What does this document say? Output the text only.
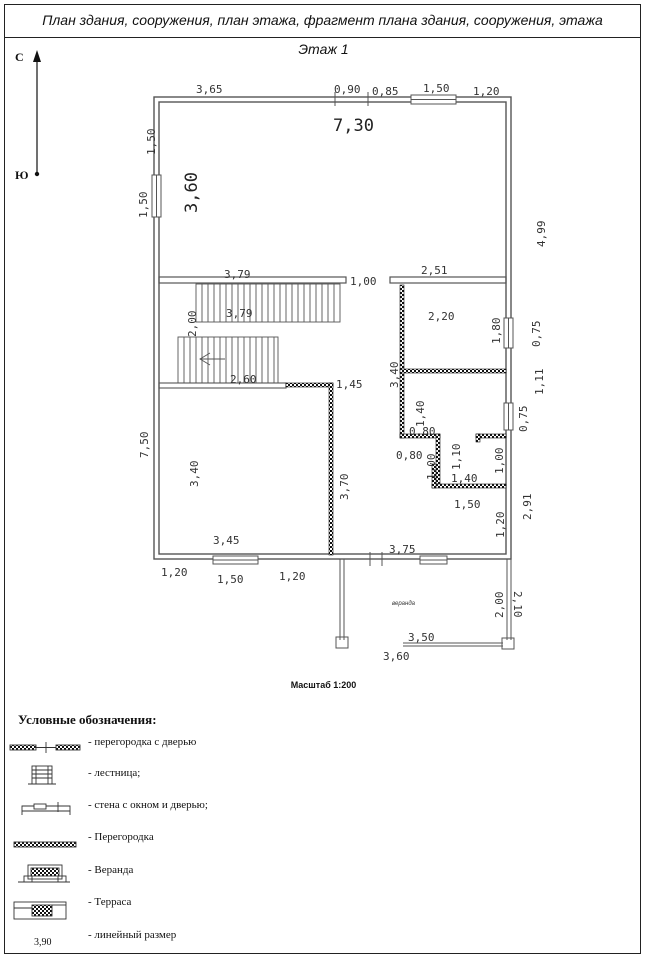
План здания, сооружения, план этажа, фрагмент плана здания, сооружения, этажа
Этаж 1
С
Ю
веранда
3,65	0,90 0,85 1,50 1,20
7,30
3,60
1,50
1,50
4,99
3,79
3,79
2,00
2,60
1,00
2,51
2,20
1,80 0,75
1,11
0,75
3,40
1,45
1,40
0,80
0,80	1,10
1,00	1,00
1,40
1,50
1,20
2,91
7,50
3,40	3,70
3,45
3,75
1,20
1,50	1,20
2,00 2,10
3,50
3,60
Масштаб 1:200
Условные обозначения:
- перегородка с дверью
- лестница;
- стена с окном и дверью;
- Перегородка
- Веранда
- Терраса
- линейный размер
3,90
